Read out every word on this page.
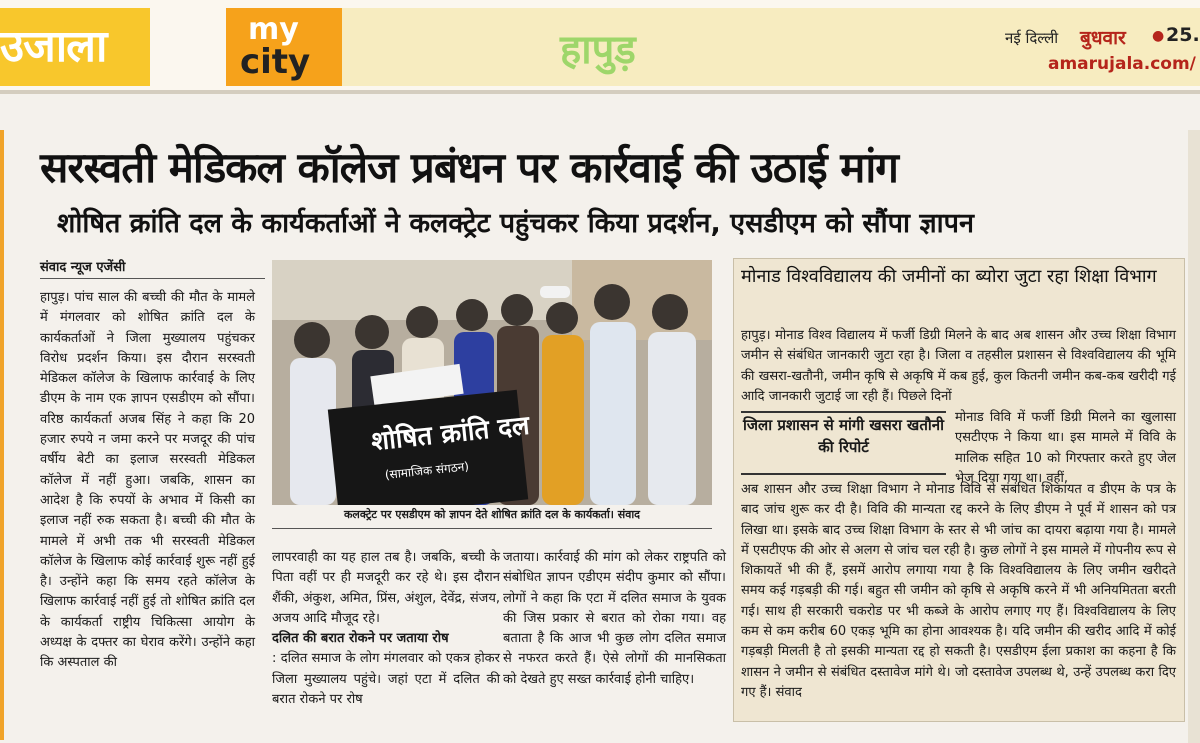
उजाला	my
city	हापुड़	नई दिल्ली बुधवार ● 25.
amarujala.com/
सरस्वती मेडिकल कॉलेज प्रबंधन पर कार्रवाई की उठाई मांग
शोषित क्रांति दल के कार्यकर्ताओं ने कलक्ट्रेट पहुंचकर किया प्रदर्शन, एसडीएम को सौंपा ज्ञापन
संवाद न्यूज एजेंसी
हापुड़। पांच साल की बच्ची की मौत के मामले में मंगलवार को शोषित क्रांति दल के कार्यकर्ताओं ने जिला मुख्यालय पहुंचकर विरोध प्रदर्शन किया। इस दौरान सरस्वती मेडिकल कॉलेज के खिलाफ कार्रवाई के लिए डीएम के नाम एक ज्ञापन एसडीएम को सौंपा। वरिष्ठ कार्यकर्ता अजब सिंह ने कहा कि 20 हजार रुपये न जमा करने पर मजदूर की पांच वर्षीय बेटी का इलाज सरस्वती मेडिकल कॉलेज में नहीं हुआ। जबकि, शासन का आदेश है कि रुपयों के अभाव में किसी का इलाज नहीं रुक सकता है। बच्ची की मौत के मामले में अभी तक भी सरस्वती मेडिकल कॉलेज के खिलाफ कोई कार्रवाई शुरू नहीं हुई है। उन्होंने कहा कि समय रहते कॉलेज के खिलाफ कार्रवाई नहीं हुई तो शोषित क्रांति दल के कार्यकर्ता राष्ट्रीय चिकित्सा आयोग के अध्यक्ष के दफ्तर का घेराव करेंगे। उन्होंने कहा कि अस्पताल की
शोषित क्रांति दल
(सामाजिक संगठन)
कलक्ट्रेट पर एसडीएम को ज्ञापन देते शोषित क्रांति दल के कार्यकर्ता। संवाद
लापरवाही का यह हाल तब है। जबकि, बच्ची के पिता वहीं पर ही मजदूरी कर रहे थे। इस दौरान शैंकी, अंकुश, अमित, प्रिंस, अंशुल, देवेंद्र, संजय, अजय आदि मौजूद रहे।
दलित की बरात रोकने पर जताया रोष
: दलित समाज के लोग मंगलवार को एकत्र होकर जिला मुख्यालय पहुंचे। जहां एटा में दलित की बरात रोकने पर रोष
जताया। कार्रवाई की मांग को लेकर राष्ट्रपति को संबोधित ज्ञापन एडीएम संदीप कुमार को सौंपा। लोगों ने कहा कि एटा में दलित समाज के युवक की जिस प्रकार से बरात को रोका गया। वह बताता है कि आज भी कुछ लोग दलित समाज से नफरत करते हैं। ऐसे लोगों की मानसिकता को देखते हुए सख्त कार्रवाई होनी चाहिए।
मोनाड विश्वविद्यालय की जमीनों का ब्योरा जुटा रहा शिक्षा विभाग
हापुड़। मोनाड विश्व विद्यालय में फर्जी डिग्री मिलने के बाद अब शासन और उच्च शिक्षा विभाग जमीन से संबंधित जानकारी जुटा रहा है। जिला व तहसील प्रशासन से विश्वविद्यालय की भूमि की खसरा-खतौनी, जमीन कृषि से अकृषि में कब हुई, कुल कितनी जमीन कब-कब खरीदी गई आदि जानकारी जुटाई जा रही हैं। पिछले दिनों
जिला प्रशासन से मांगी खसरा खतौनी की रिपोर्ट
मोनाड विवि में फर्जी डिग्री मिलने का खुलासा एसटीएफ ने किया था। इस मामले में विवि के मालिक सहित 10 को गिरफ्तार करते हुए जेल भेज दिया गया था। वहीं,
अब शासन और उच्च शिक्षा विभाग ने मोनाड विवि से संबंधित शिकायत व डीएम के पत्र के बाद जांच शुरू कर दी है। विवि की मान्यता रद्द करने के लिए डीएम ने पूर्व में शासन को पत्र लिखा था। इसके बाद उच्च शिक्षा विभाग के स्तर से भी जांच का दायरा बढ़ाया गया है। मामले में एसटीएफ की ओर से अलग से जांच चल रही है। कुछ लोगों ने इस मामले में गोपनीय रूप से शिकायतें भी की हैं, इसमें आरोप लगाया गया है कि विश्वविद्यालय के लिए जमीन खरीदते समय कई गड़बड़ी की गई। बहुत सी जमीन को कृषि से अकृषि करने में भी अनियमितता बरती गई। साथ ही सरकारी चकरोड पर भी कब्जे के आरोप लगाए गए हैं। विश्वविद्यालय के लिए कम से कम करीब 60 एकड़ भूमि का होना आवश्यक है। यदि जमीन की खरीद आदि में कोई गड़बड़ी मिलती है तो इसकी मान्यता रद्द हो सकती है। एसडीएम ईला प्रकाश का कहना है कि शासन ने जमीन से संबंधित दस्तावेज मांगे थे। जो दस्तावेज उपलब्ध थे, उन्हें उपलब्ध करा दिए गए हैं। संवाद
